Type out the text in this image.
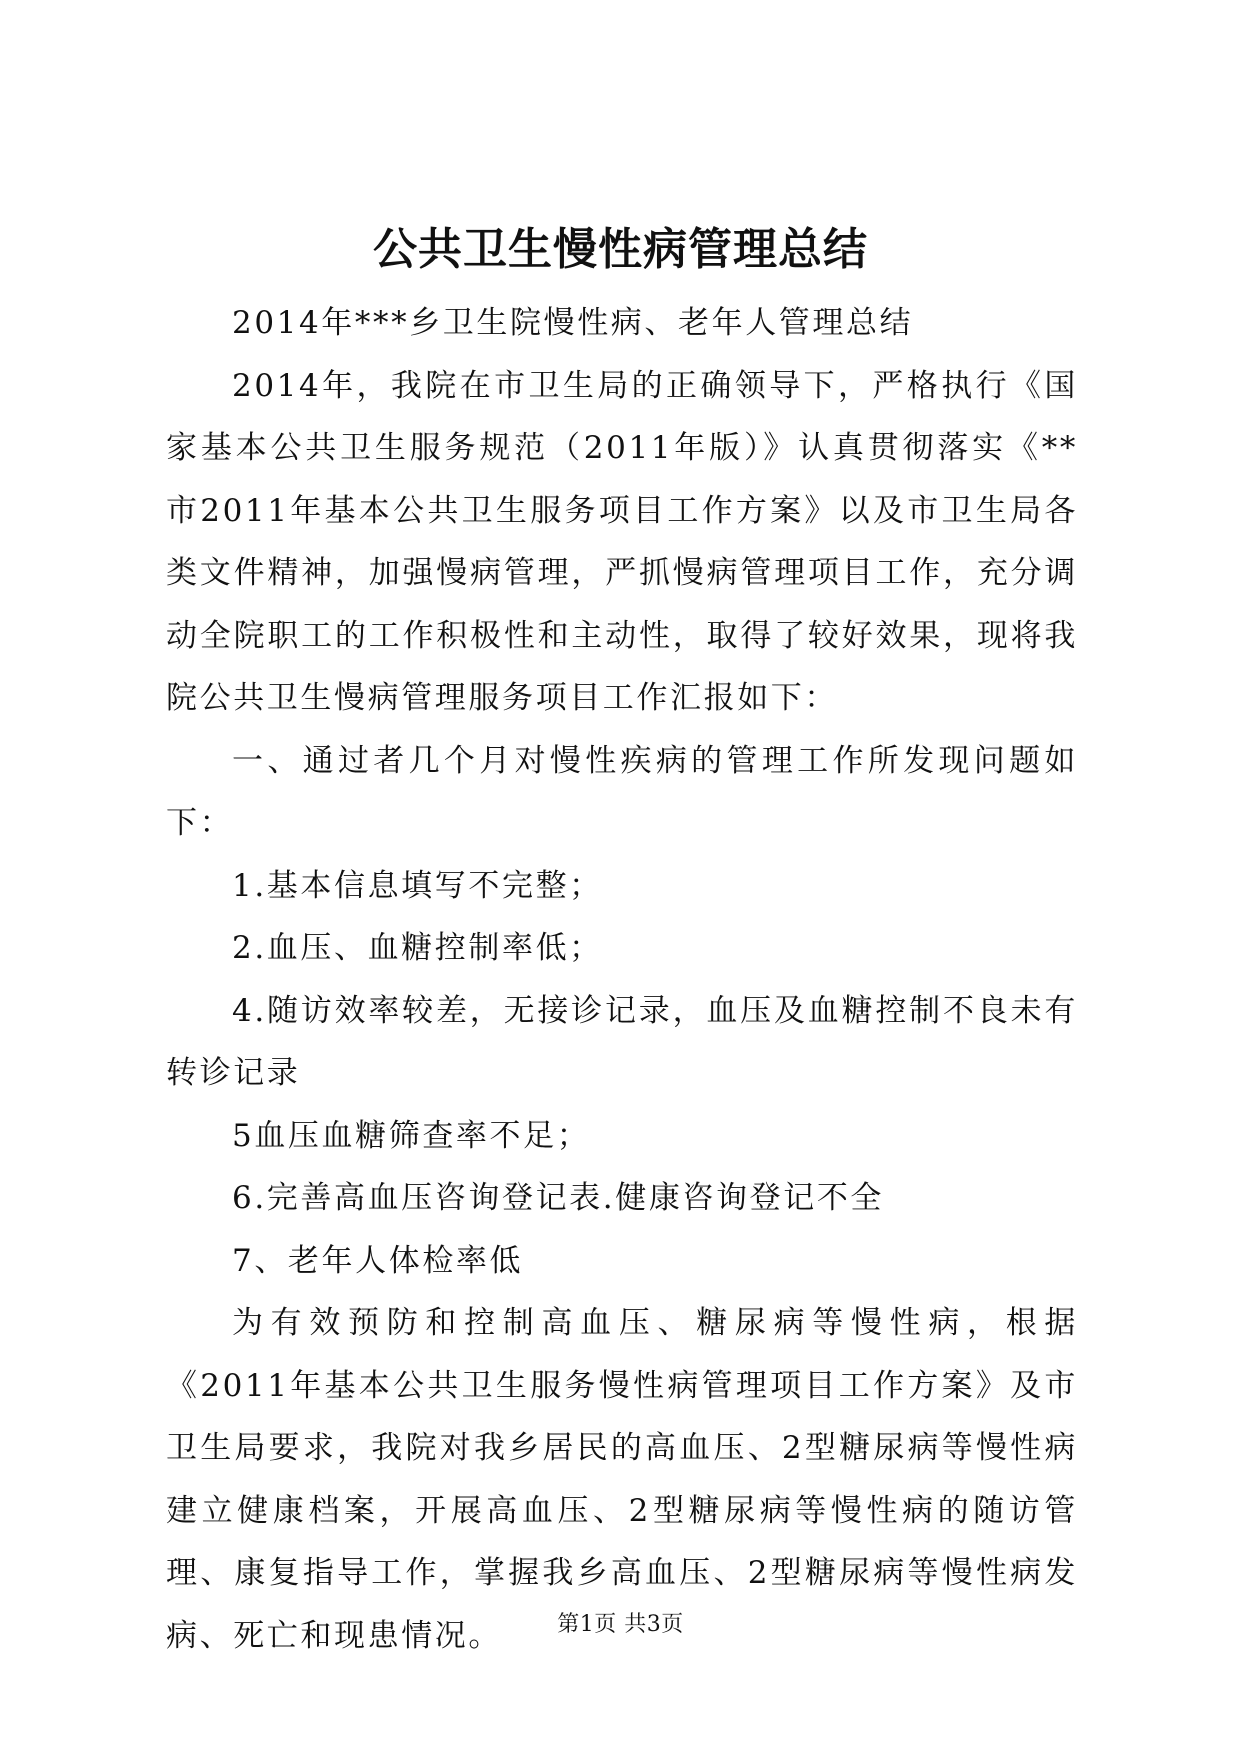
公共卫生慢性病管理总结

2014年***乡卫生院慢性病、老年人管理总结

2014年，我院在市卫生局的正确领导下，严格执行《国家基本公共卫生服务规范（2011年版）》认真贯彻落实《**市2011年基本公共卫生服务项目工作方案》以及市卫生局各类文件精神，加强慢病管理，严抓慢病管理项目工作，充分调动全院职工的工作积极性和主动性，取得了较好效果，现将我院公共卫生慢病管理服务项目工作汇报如下：

一、通过者几个月对慢性疾病的管理工作所发现问题如下：

1.基本信息填写不完整；

2.血压、血糖控制率低；

4.随访效率较差，无接诊记录，血压及血糖控制不良未有转诊记录

5血压血糖筛查率不足；

6.完善高血压咨询登记表.健康咨询登记不全

7、老年人体检率低

为有效预防和控制高血压、糖尿病等慢性病，根据《2011年基本公共卫生服务慢性病管理项目工作方案》及市卫生局要求，我院对我乡居民的高血压、2型糖尿病等慢性病建立健康档案，开展高血压、2型糖尿病等慢性病的随访管理、康复指导工作，掌握我乡高血压、2型糖尿病等慢性病发病、死亡和现患情况。	第1页 共3页
